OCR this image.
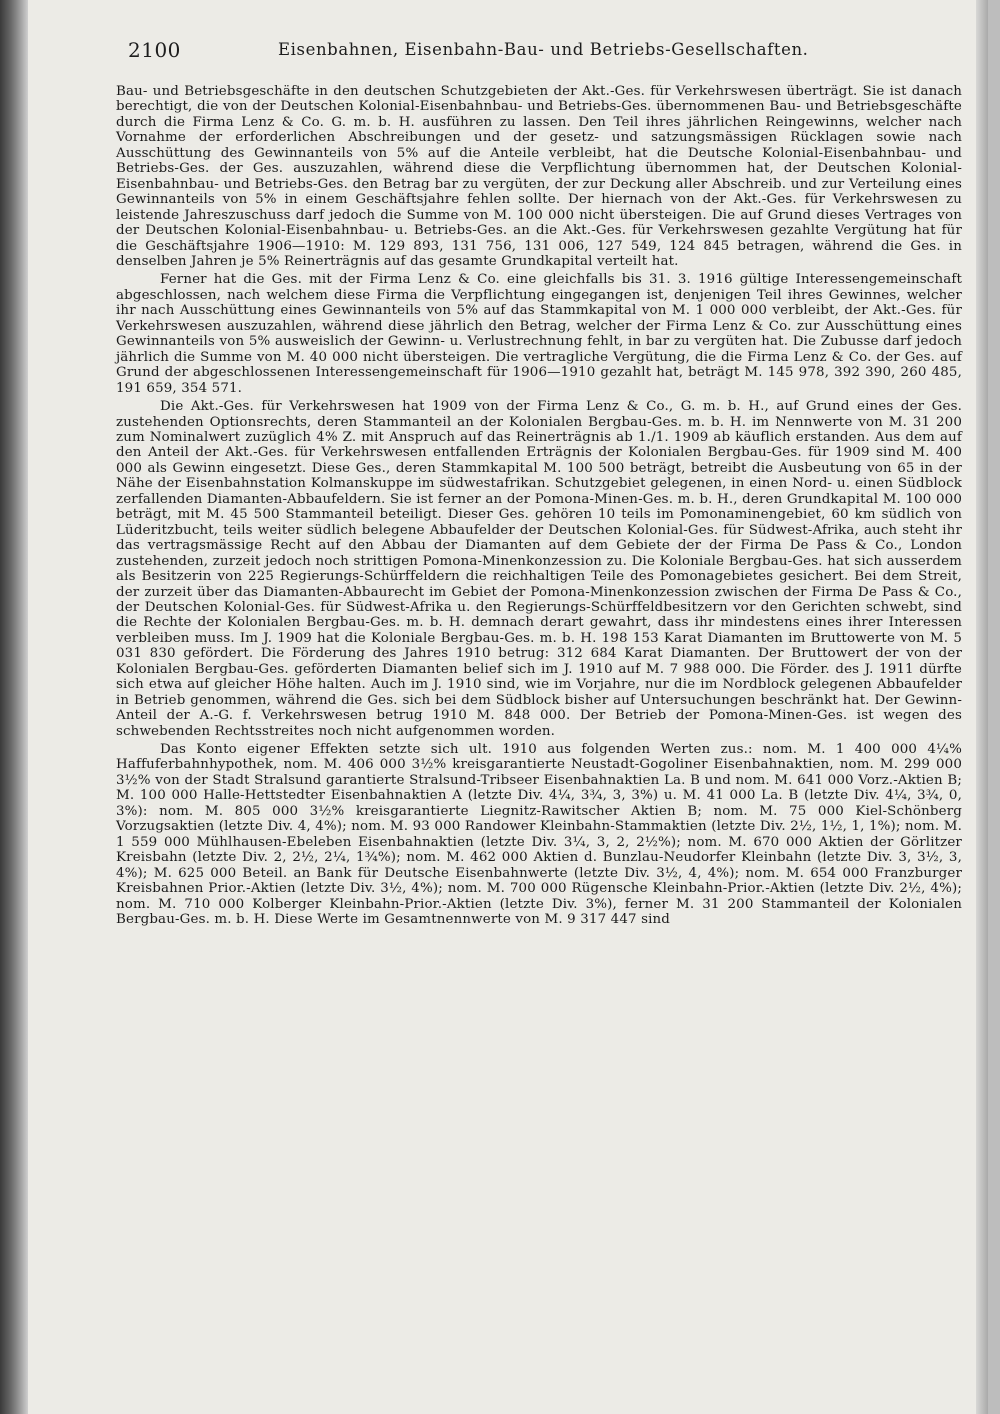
2100	Eisenbahnen, Eisenbahn-Bau- und Betriebs-Gesellschaften.

Bau- und Betriebsgeschäfte in den deutschen Schutzgebieten der Akt.-Ges. für Verkehrswesen überträgt. Sie ist danach berechtigt, die von der Deutschen Kolonial-Eisenbahnbau- und Betriebs-Ges. übernommenen Bau- und Betriebsgeschäfte durch die Firma Lenz & Co. G. m. b. H. ausführen zu lassen. Den Teil ihres jährlichen Reingewinns, welcher nach Vornahme der erforderlichen Abschreibungen und der gesetz- und satzungsmässigen Rücklagen sowie nach Ausschüttung des Gewinnanteils von 5% auf die Anteile verbleibt, hat die Deutsche Kolonial-Eisenbahnbau- und Betriebs-Ges. der Ges. auszuzahlen, während diese die Verpflichtung übernommen hat, der Deutschen Kolonial-Eisenbahnbau- und Betriebs-Ges. den Betrag bar zu vergüten, der zur Deckung aller Abschreib. und zur Verteilung eines Gewinnanteils von 5% in einem Geschäftsjahre fehlen sollte. Der hiernach von der Akt.-Ges. für Verkehrswesen zu leistende Jahreszuschuss darf jedoch die Summe von M. 100 000 nicht übersteigen. Die auf Grund dieses Vertrages von der Deutschen Kolonial-Eisenbahnbau- u. Betriebs-Ges. an die Akt.-Ges. für Verkehrswesen gezahlte Vergütung hat für die Geschäftsjahre 1906—1910: M. 129 893, 131 756, 131 006, 127 549, 124 845 betragen, während die Ges. in denselben Jahren je 5% Reinerträgnis auf das gesamte Grundkapital verteilt hat.

Ferner hat die Ges. mit der Firma Lenz & Co. eine gleichfalls bis 31. 3. 1916 gültige Interessengemeinschaft abgeschlossen, nach welchem diese Firma die Verpflichtung eingegangen ist, denjenigen Teil ihres Gewinnes, welcher ihr nach Ausschüttung eines Gewinnanteils von 5% auf das Stammkapital von M. 1 000 000 verbleibt, der Akt.-Ges. für Verkehrswesen auszuzahlen, während diese jährlich den Betrag, welcher der Firma Lenz & Co. zur Ausschüttung eines Gewinnanteils von 5% ausweislich der Gewinn- u. Verlustrechnung fehlt, in bar zu vergüten hat. Die Zubusse darf jedoch jährlich die Summe von M. 40 000 nicht übersteigen. Die vertragliche Vergütung, die die Firma Lenz & Co. der Ges. auf Grund der abgeschlossenen Interessengemeinschaft für 1906—1910 gezahlt hat, beträgt M. 145 978, 392 390, 260 485, 191 659, 354 571.

Die Akt.-Ges. für Verkehrswesen hat 1909 von der Firma Lenz & Co., G. m. b. H., auf Grund eines der Ges. zustehenden Optionsrechts, deren Stammanteil an der Kolonialen Bergbau-Ges. m. b. H. im Nennwerte von M. 31 200 zum Nominalwert zuzüglich 4% Z. mit Anspruch auf das Reinerträgnis ab 1./1. 1909 ab käuflich erstanden. Aus dem auf den Anteil der Akt.-Ges. für Verkehrswesen entfallenden Erträgnis der Kolonialen Bergbau-Ges. für 1909 sind M. 400 000 als Gewinn eingesetzt. Diese Ges., deren Stammkapital M. 100 500 beträgt, betreibt die Ausbeutung von 65 in der Nähe der Eisenbahnstation Kolmanskuppe im südwestafrikan. Schutzgebiet gelegenen, in einen Nord- u. einen Südblock zerfallenden Diamanten-Abbaufeldern. Sie ist ferner an der Pomona-Minen-Ges. m. b. H., deren Grundkapital M. 100 000 beträgt, mit M. 45 500 Stammanteil beteiligt. Dieser Ges. gehören 10 teils im Pomonaminengebiet, 60 km südlich von Lüderitzbucht, teils weiter südlich belegene Abbaufelder der Deutschen Kolonial-Ges. für Südwest-Afrika, auch steht ihr das vertragsmässige Recht auf den Abbau der Diamanten auf dem Gebiete der der Firma De Pass & Co., London zustehenden, zurzeit jedoch noch strittigen Pomona-Minenkonzession zu. Die Koloniale Bergbau-Ges. hat sich ausserdem als Besitzerin von 225 Regierungs-Schürffeldern die reichhaltigen Teile des Pomonagebietes gesichert. Bei dem Streit, der zurzeit über das Diamanten-Abbaurecht im Gebiet der Pomona-Minenkonzession zwischen der Firma De Pass & Co., der Deutschen Kolonial-Ges. für Südwest-Afrika u. den Regierungs-Schürffeldbesitzern vor den Gerichten schwebt, sind die Rechte der Kolonialen Bergbau-Ges. m. b. H. demnach derart gewahrt, dass ihr mindestens eines ihrer Interessen verbleiben muss. Im J. 1909 hat die Koloniale Bergbau-Ges. m. b. H. 198 153 Karat Diamanten im Bruttowerte von M. 5 031 830 gefördert. Die Förderung des Jahres 1910 betrug: 312 684 Karat Diamanten. Der Bruttowert der von der Kolonialen Bergbau-Ges. geförderten Diamanten belief sich im J. 1910 auf M. 7 988 000. Die Förder. des J. 1911 dürfte sich etwa auf gleicher Höhe halten. Auch im J. 1910 sind, wie im Vorjahre, nur die im Nordblock gelegenen Abbaufelder in Betrieb genommen, während die Ges. sich bei dem Südblock bisher auf Untersuchungen beschränkt hat. Der Gewinn-Anteil der A.-G. f. Verkehrswesen betrug 1910 M. 848 000. Der Betrieb der Pomona-Minen-Ges. ist wegen des schwebenden Rechtsstreites noch nicht aufgenommen worden.

Das Konto eigener Effekten setzte sich ult. 1910 aus folgenden Werten zus.: nom. M. 1 400 000 4¼% Haffuferbahnhypothek, nom. M. 406 000 3½% kreisgarantierte Neustadt-Gogoliner Eisenbahnaktien, nom. M. 299 000 3½% von der Stadt Stralsund garantierte Stralsund-Tribseer Eisenbahnaktien La. B und nom. M. 641 000 Vorz.-Aktien B; M. 100 000 Halle-Hettstedter Eisenbahnaktien A (letzte Div. 4¼, 3¾, 3, 3%) u. M. 41 000 La. B (letzte Div. 4¼, 3¾, 0, 3%): nom. M. 805 000 3½% kreisgarantierte Liegnitz-Rawitscher Aktien B; nom. M. 75 000 Kiel-Schönberg Vorzugsaktien (letzte Div. 4, 4%); nom. M. 93 000 Randower Kleinbahn-Stammaktien (letzte Div. 2½, 1½, 1, 1%); nom. M. 1 559 000 Mühlhausen-Ebeleben Eisenbahnaktien (letzte Div. 3¼, 3, 2, 2½%); nom. M. 670 000 Aktien der Görlitzer Kreisbahn (letzte Div. 2, 2½, 2¼, 1¾%); nom. M. 462 000 Aktien d. Bunzlau-Neudorfer Kleinbahn (letzte Div. 3, 3½, 3, 4%); M. 625 000 Beteil. an Bank für Deutsche Eisenbahnwerte (letzte Div. 3½, 4, 4%); nom. M. 654 000 Franzburger Kreisbahnen Prior.-Aktien (letzte Div. 3½, 4%); nom. M. 700 000 Rügensche Kleinbahn-Prior.-Aktien (letzte Div. 2½, 4%); nom. M. 710 000 Kolberger Kleinbahn-Prior.-Aktien (letzte Div. 3%), ferner M. 31 200 Stammanteil der Kolonialen Bergbau-Ges. m. b. H. Diese Werte im Gesamtnennwerte von M. 9 317 447 sind
